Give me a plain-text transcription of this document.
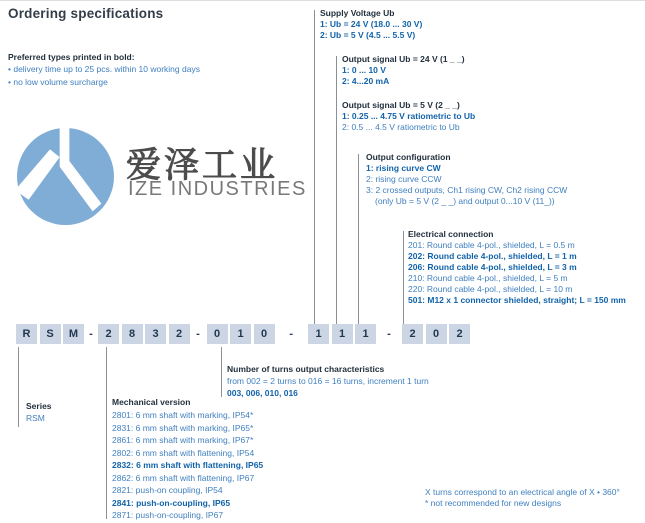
Ordering specifications
Preferred types printed in bold:
• delivery time up to 25 pcs. within 10 working days
• no low volume surcharge
爱泽工业
IZE INDUSTRIES
Supply Voltage Ub
1: Ub = 24 V (18.0 ... 30 V)
2: Ub = 5 V (4.5 ... 5.5 V)
Output signal Ub = 24 V (1 _ _)
1: 0 ... 10 V
2: 4...20 mA
Output signal Ub = 5 V (2 _ _)
1: 0.25 ... 4.75 V ratiometric to Ub
2: 0.5 ... 4.5 V ratiometric to Ub
Output configuration
1: rising curve CW
2: rising curve CCW
3: 2 crossed outputs, Ch1 rising CW, Ch2 rising CCW
(only Ub = 5 V (2 _ _) and output 0...10 V (11_))
Electrical connection
201: Round cable 4-pol., shielded, L = 0.5 m
202: Round cable 4-pol., shielded, L = 1 m
206: Round cable 4-pol., shielded, L = 3 m
210: Round cable 4-pol., shielded, L = 5 m
220: Round cable 4-pol., shielded, L = 10 m
501: M12 x 1 connector shielded, straight; L = 150 mm
R	S	M	-	2	8	3	2	-	0	1	0	-	1	1	1	-	2	0	2
Number of turns output characteristics
from 002 = 2 turns to 016 = 16 turns, increment 1 turn
003, 006, 010, 016
Series
RSM
Mechanical version
2801: 6 mm shaft with marking, IP54*
2831: 6 mm shaft with marking, IP65*
2861: 6 mm shaft with marking, IP67*
2802: 6 mm shaft with flattening, IP54
2832: 6 mm shaft with flattening, IP65
2862: 6 mm shaft with flattening, IP67
2821: push-on coupling, IP54
2841: push-on-coupling, IP65
2871: push-on-coupling, IP67
X turns correspond to an electrical angle of X • 360°
* not recommended for new designs
